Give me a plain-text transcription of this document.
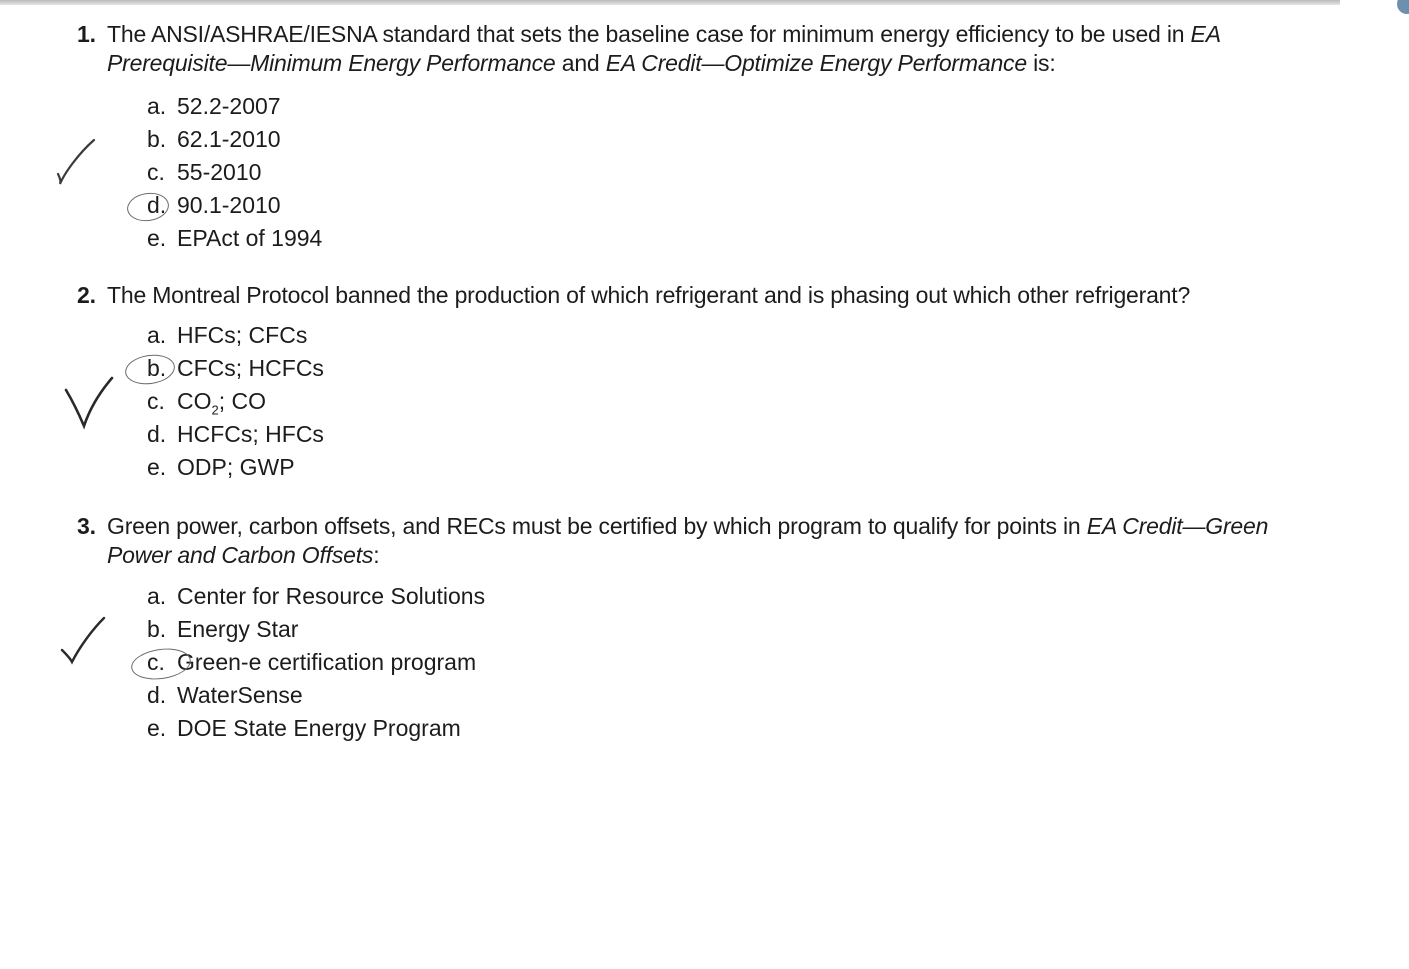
1. The ANSI/ASHRAE/IESNA standard that sets the baseline case for minimum energy efficiency to be used in EA Prerequisite—Minimum Energy Performance and EA Credit—Optimize Energy Performance is:
a. 52.2-2007
b. 62.1-2010
c. 55-2010
d. 90.1-2010
e. EPAct of 1994
2. The Montreal Protocol banned the production of which refrigerant and is phasing out which other refrigerant?
a. HFCs; CFCs
b. CFCs; HCFCs
c. $CO_2$; CO
d. HCFCs; HFCs
e. ODP; GWP
3. Green power, carbon offsets, and RECs must be certified by which program to qualify for points in EA Credit—Green Power and Carbon Offsets:
a. Center for Resource Solutions
b. Energy Star
c. Green-e certification program
d. WaterSense
e. DOE State Energy Program
